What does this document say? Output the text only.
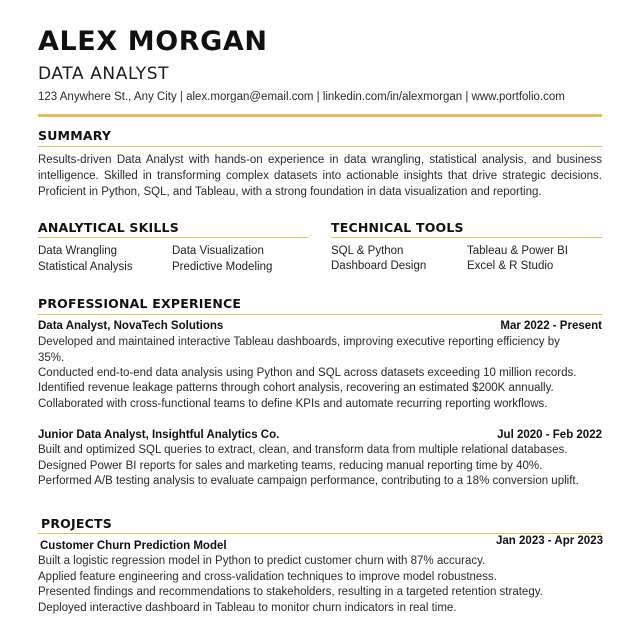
ALEX MORGAN
DATA ANALYST
123 Anywhere St., Any City | alex.morgan@email.com | linkedin.com/in/alexmorgan | www.portfolio.com
SUMMARY
Results-driven Data Analyst with hands-on experience in data wrangling, statistical analysis, and business intelligence. Skilled in transforming complex datasets into actionable insights that drive strategic decisions. Proficient in Python, SQL, and Tableau, with a strong foundation in data visualization and reporting.
ANALYTICAL SKILLS
Data Wrangling	Data Visualization
Statistical Analysis	Predictive Modeling
TECHNICAL TOOLS
SQL & Python	Tableau & Power BI
Dashboard Design	Excel & R Studio
PROFESSIONAL EXPERIENCE
Data Analyst, NovaTech Solutions	Mar 2022 - Present
Developed and maintained interactive Tableau dashboards, improving executive reporting efficiency by 35%.
Conducted end-to-end data analysis using Python and SQL across datasets exceeding 10 million records.
Identified revenue leakage patterns through cohort analysis, recovering an estimated $200K annually.
Collaborated with cross-functional teams to define KPIs and automate recurring reporting workflows.
Junior Data Analyst, Insightful Analytics Co.	Jul 2020 - Feb 2022
Built and optimized SQL queries to extract, clean, and transform data from multiple relational databases.
Designed Power BI reports for sales and marketing teams, reducing manual reporting time by 40%.
Performed A/B testing analysis to evaluate campaign performance, contributing to a 18% conversion uplift.
PROJECTS
Customer Churn Prediction Model	Jan 2023 - Apr 2023
Built a logistic regression model in Python to predict customer churn with 87% accuracy.
Applied feature engineering and cross-validation techniques to improve model robustness.
Presented findings and recommendations to stakeholders, resulting in a targeted retention strategy.
Deployed interactive dashboard in Tableau to monitor churn indicators in real time.
